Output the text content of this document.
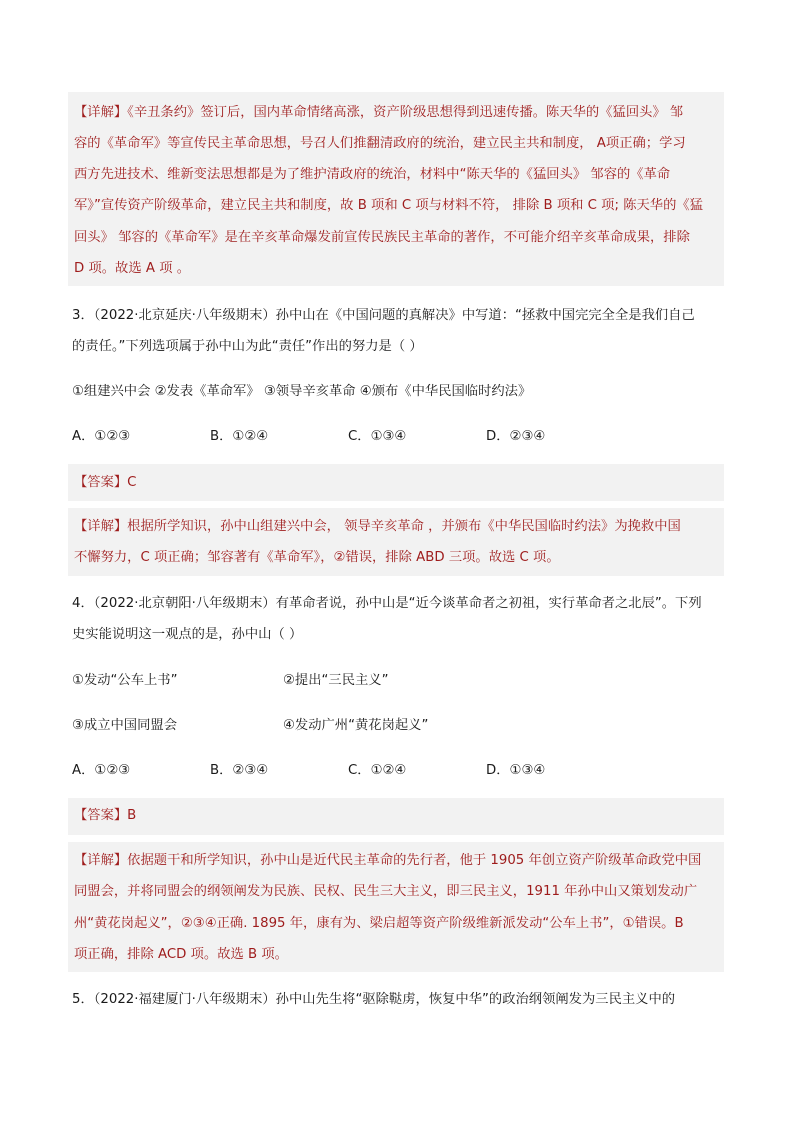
【详解】《辛丑条约》签订后，国内革命情绪高涨，资产阶级思想得到迅速传播。陈天华的《猛回头》 邹
容的《革命军》等宣传民主革命思想，号召人们推翻清政府的统治，建立民主共和制度， A项正确；学习
西方先进技术、维新变法思想都是为了维护清政府的统治，材料中“陈天华的《猛回头》 邹容的《革命
军》”宣传资产阶级革命，建立民主共和制度，故 B 项和 C 项与材料不符， 排除 B 项和 C 项; 陈天华的《猛
回头》 邹容的《革命军》是在辛亥革命爆发前宣传民族民主革命的著作，不可能介绍辛亥革命成果，排除
D 项。故选 A 项 。
3．（2022·北京延庆·八年级期末）孙中山在《中国问题的真解决》中写道：“拯救中国完完全全是我们自己
的责任。”下列选项属于孙中山为此“责任”作出的努力是（ ）
①组建兴中会 ②发表《革命军》 ③领导辛亥革命 ④颁布《中华民国临时约法》
A．①②③	B．①②④	C．①③④	D．②③④
【答案】C
【详解】根据所学知识，孙中山组建兴中会， 领导辛亥革命 ，并颁布《中华民国临时约法》为挽救中国
不懈努力，C 项正确；邹容著有《革命军》，②错误，排除 ABD 三项。故选 C 项。
4．（2022·北京朝阳·八年级期末）有革命者说，孙中山是“近今谈革命者之初祖，实行革命者之北辰”。下列
史实能说明这一观点的是，孙中山（ ）
①发动“公车上书”	②提出“三民主义”
③成立中国同盟会	④发动广州“黄花岗起义”
A．①②③	B．②③④	C．①②④	D．①③④
【答案】B
【详解】依据题干和所学知识，孙中山是近代民主革命的先行者，他于 1905 年创立资产阶级革命政党中国
同盟会，并将同盟会的纲领阐发为民族、民权、民生三大主义，即三民主义，1911 年孙中山又策划发动广
州“黄花岗起义”，②③④正确. 1895 年，康有为、梁启超等资产阶级维新派发动“公车上书”，①错误。B
项正确，排除 ACD 项。故选 B 项。
5．（2022·福建厦门·八年级期末）孙中山先生将“驱除鞑虏，恢复中华”的政治纲领阐发为三民主义中的
